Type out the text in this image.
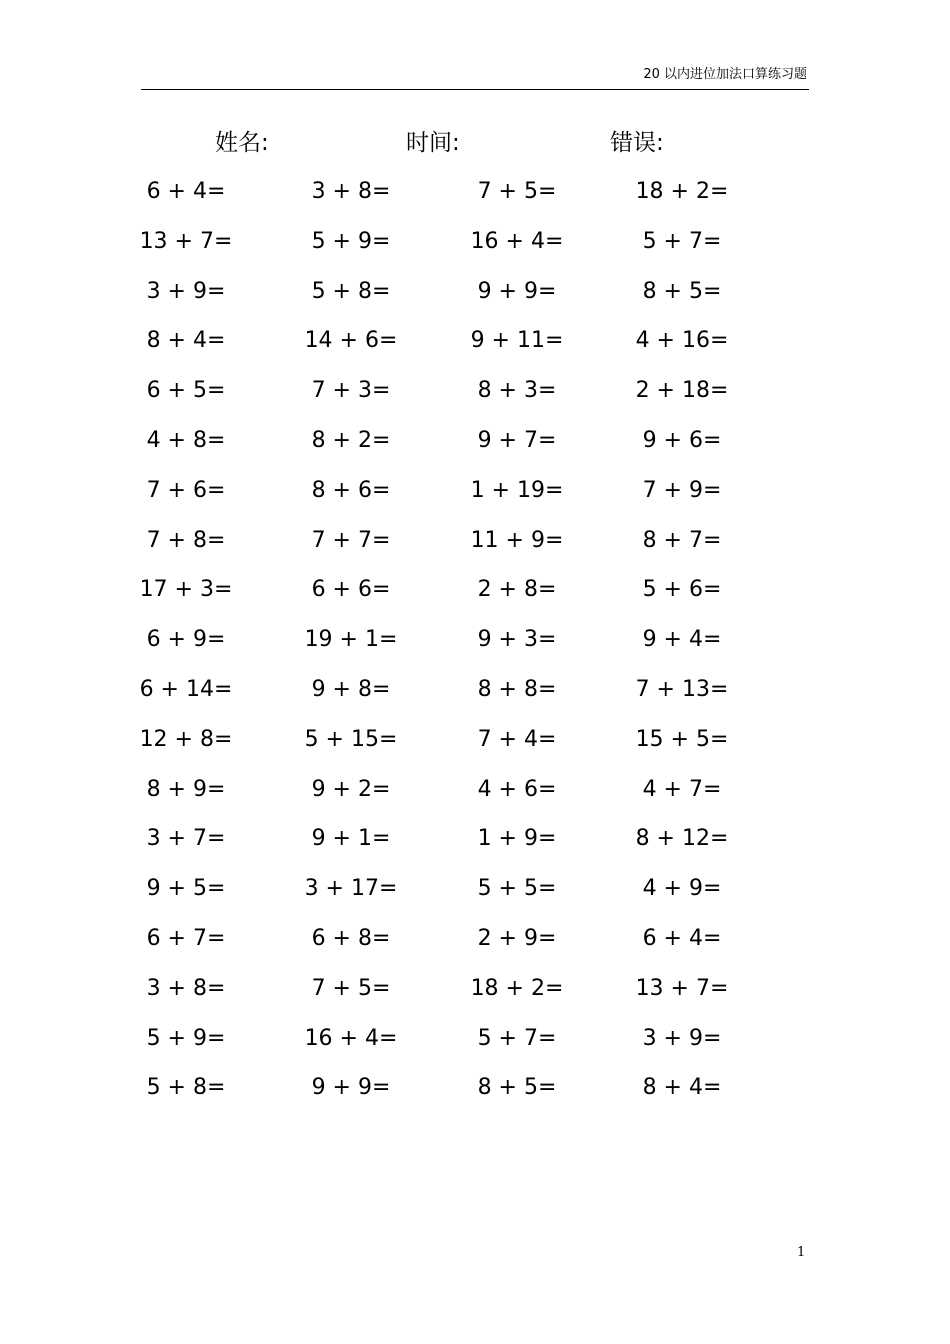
20 以内进位加法口算练习题
姓名:	时间:	错误:
6 + 4=	3 + 8=	7 + 5=	18 + 2=
13 + 7=	5 + 9=	16 + 4=	5 + 7=
3 + 9=	5 + 8=	9 + 9=	8 + 5=
8 + 4=	14 + 6=	9 + 11=	4 + 16=
6 + 5=	7 + 3=	8 + 3=	2 + 18=
4 + 8=	8 + 2=	9 + 7=	9 + 6=
7 + 6=	8 + 6=	1 + 19=	7 + 9=
7 + 8=	7 + 7=	11 + 9=	8 + 7=
17 + 3=	6 + 6=	2 + 8=	5 + 6=
6 + 9=	19 + 1=	9 + 3=	9 + 4=
6 + 14=	9 + 8=	8 + 8=	7 + 13=
12 + 8=	5 + 15=	7 + 4=	15 + 5=
8 + 9=	9 + 2=	4 + 6=	4 + 7=
3 + 7=	9 + 1=	1 + 9=	8 + 12=
9 + 5=	3 + 17=	5 + 5=	4 + 9=
6 + 7=	6 + 8=	2 + 9=	6 + 4=
3 + 8=	7 + 5=	18 + 2=	13 + 7=
5 + 9=	16 + 4=	5 + 7=	3 + 9=
5 + 8=	9 + 9=	8 + 5=	8 + 4=
1
